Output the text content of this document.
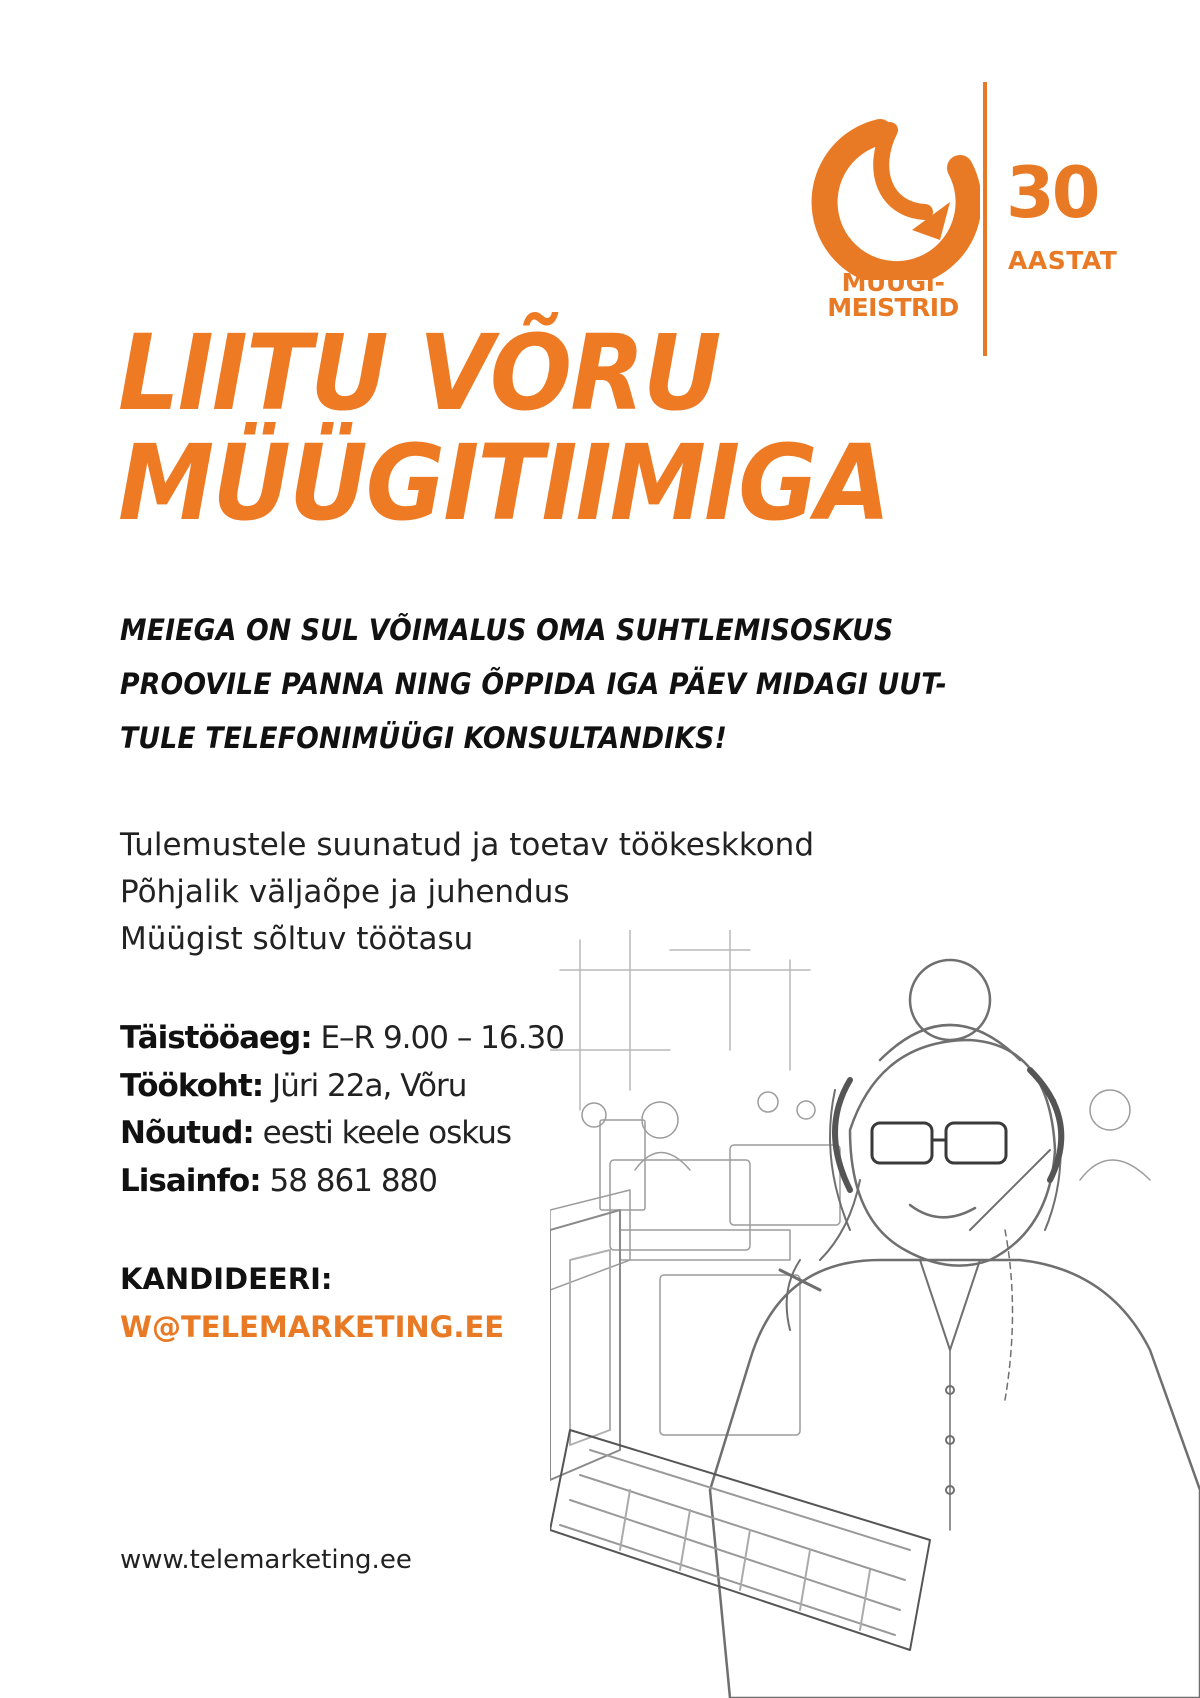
MÜÜGI-
MEISTRID
30
AASTAT
LIITU VÕRU
MÜÜGITIIMIGA
MEIEGA ON SUL VÕIMALUS OMA SUHTLEMISOSKUS
PROOVILE PANNA NING ÕPPIDA IGA PÄEV MIDAGI UUT-
TULE TELEFONIMÜÜGI KONSULTANDIKS!
Tulemustele suunatud ja toetav töökeskkond
Põhjalik väljaõpe ja juhendus
Müügist sõltuv töötasu
Täistööaeg: E–R 9.00 – 16.30
Töökoht: Jüri 22a, Võru
Nõutud: eesti keele oskus
Lisainfo: 58 861 880
KANDIDEERI:
W@TELEMARKETING.EE
www.telemarketing.ee
